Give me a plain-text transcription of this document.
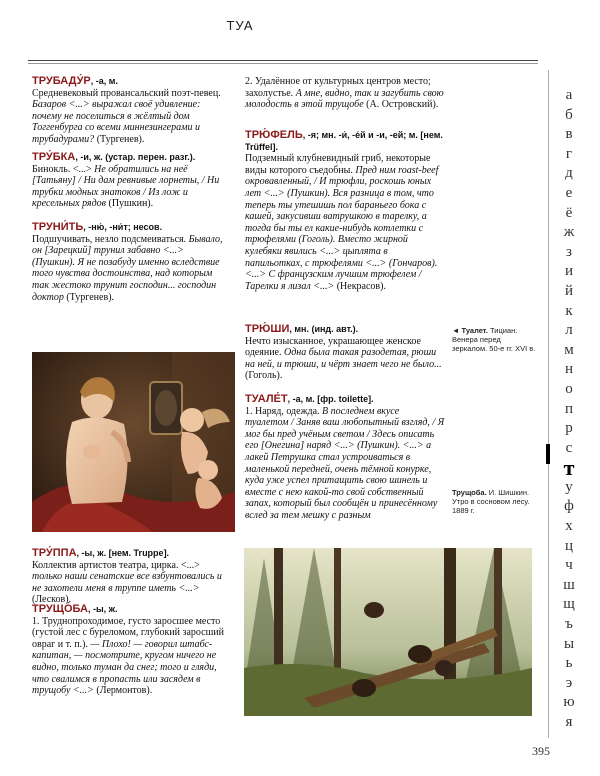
ТУА
ТРУБАДУ́Р, -а, м.
Средневековый провансальский поэт-певец. Базаров <...> выражал своё удивление: почему не поселиться в жёлтый дом Тоггенбурга со всеми миннезингерами и трубадурами? (Тургенев).
ТРУ́БКА, -и, ж. (устар. перен. разг.).
Бинокль. <...> Не обратились на неё [Татьяну] / Ни дам ревнивые лорнеты, / Ни трубки модных знатоков / Из лож и кресельных рядов (Пушкин).
ТРУНИ́ТЬ, -ню́, -ни́т; несов.
Подшучивать, незло подсмеиваться. Бывало, он [Зарецкий] трунил забавно <...> (Пушкин). Я не позабуду именно вследствие того чувства достоинства, над которым так жестоко трунит господин... господин доктор (Тургенев).
ТРУ́ППА, -ы, ж. [нем. Truppe].
Коллектив артистов театра, цирка. <...> только наши сенатские все взбунтовались и не захотели меня в труппе иметь <...> (Лесков).
ТРУЩО́БА, -ы, ж.
1. Труднопроходимое, густо заросшее место (густой лес с буреломом, глубокий заросший овраг и т. п.). — Плохо! — говорил штабс-капитан, — посмотрите, кругом ничего не видно, только туман да снег; того и гляди, что свалимся в пропасть или засядем в трущобу <...> (Лермонтов).
2. Удалённое от культурных центров место; захолустье. А мне, видно, так и загубить свою молодость в этой трущобе (А. Островский).
ТРЮ́ФЕЛЬ, -я; мн. -и́, -е́й и -и, -ей; м. [нем. Trüffel].
Подземный клубневидный гриб, некоторые виды которого съедобны. Пред ним roast-beef окровавленный, / И трюфли, роскошь юных лет <...> (Пушкин). Вся разница в том, что теперь ты утешишь пол бараньего бока с кашей, закусивши ватрушкою в тарелку, а тогда бы ты ел какие-нибудь котлетки с трюфелями (Гоголь). Вместо жирной кулебяки явились <...> цыплята в папильотках, с трюфелями <...> (Гончаров). <...> С французским лучшим трюфелем / Тарелки я лизал <...> (Некрасов).
ТРЮ́ШИ, мн. (инд. авт.).
Нечто изысканное, украшающее женское одеяние. Одна была такая разодетая, рюши на ней, и трюши, и чёрт знает чего не было... (Гоголь).
ТУАЛЕ́Т, -а, м. [фр. toilette].
1. Наряд, одежда. В последнем вкусе туалетом / Заняв ваш любопытный взгляд, / Я мог бы пред учёным светом / Здесь описать его [Онегина] наряд <...> (Пушкин). <...> а лакей Петрушка стал устроиваться в маленькой передней, очень тёмной конурке, куда уже успел притащить свою шинель и вместе с нею какой-то свой собственный запах, который был сообщён и принесённому вслед за тем мешку с разным
◄ Туалет. Тициан. Венера перед зеркалом. 50-е гг. XVI в.
Трущоба. И. Шишкин. Утро в сосновом лесу. 1889 г.
а
б
в
г
д
е
ё
ж
з
и
й
к
л
м
н
о
п
р
с
т
у
ф
х
ц
ч
ш
щ
ъ
ы
ь
э
ю
я
395
